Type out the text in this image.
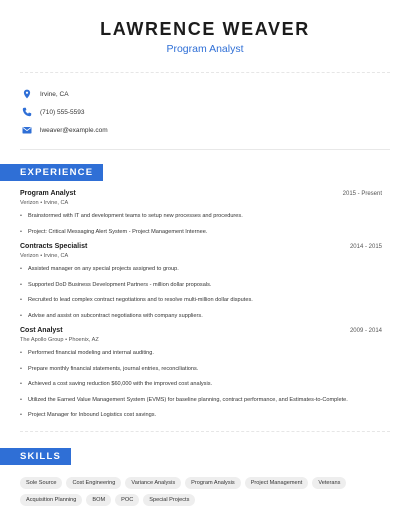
LAWRENCE WEAVER
Program Analyst
Irvine, CA
(710) 555-5593
lweaver@example.com
EXPERIENCE
Program Analyst	2015 - Present
Verizon • Irvine, CA
• Brainstormed with IT and development teams to setup new processes and procedures.
• Project: Critical Messaging Alert System - Project Management Internee.
Contracts Specialist	2014 - 2015
Verizon • Irvine, CA
• Assisted manager on any special projects assigned to group.
• Supported DoD Business Development Partners - million dollar proposals.
• Recruited to lead complex contract negotiations and to resolve multi-million dollar disputes.
• Advise and assist on subcontract negotiations with company suppliers.
Cost Analyst	2009 - 2014
The Apollo Group • Phoenix, AZ
• Performed financial modeling and internal auditing.
• Prepare monthly financial statements, journal entries, reconciliations.
• Achieved a cost saving reduction $60,000 with the improved cost analysis.
• Utilized the Earned Value Management System (EVMS) for baseline planning, contract performance, and Estimates-to-Complete.
• Project Manager for Inbound Logistics cost savings.
SKILLS
Sole Source	Cost Engineering	Variance Analysis	Program Analysis	Project Management	Veterans
Acquisition Planning	BOM	POC	Special Projects
